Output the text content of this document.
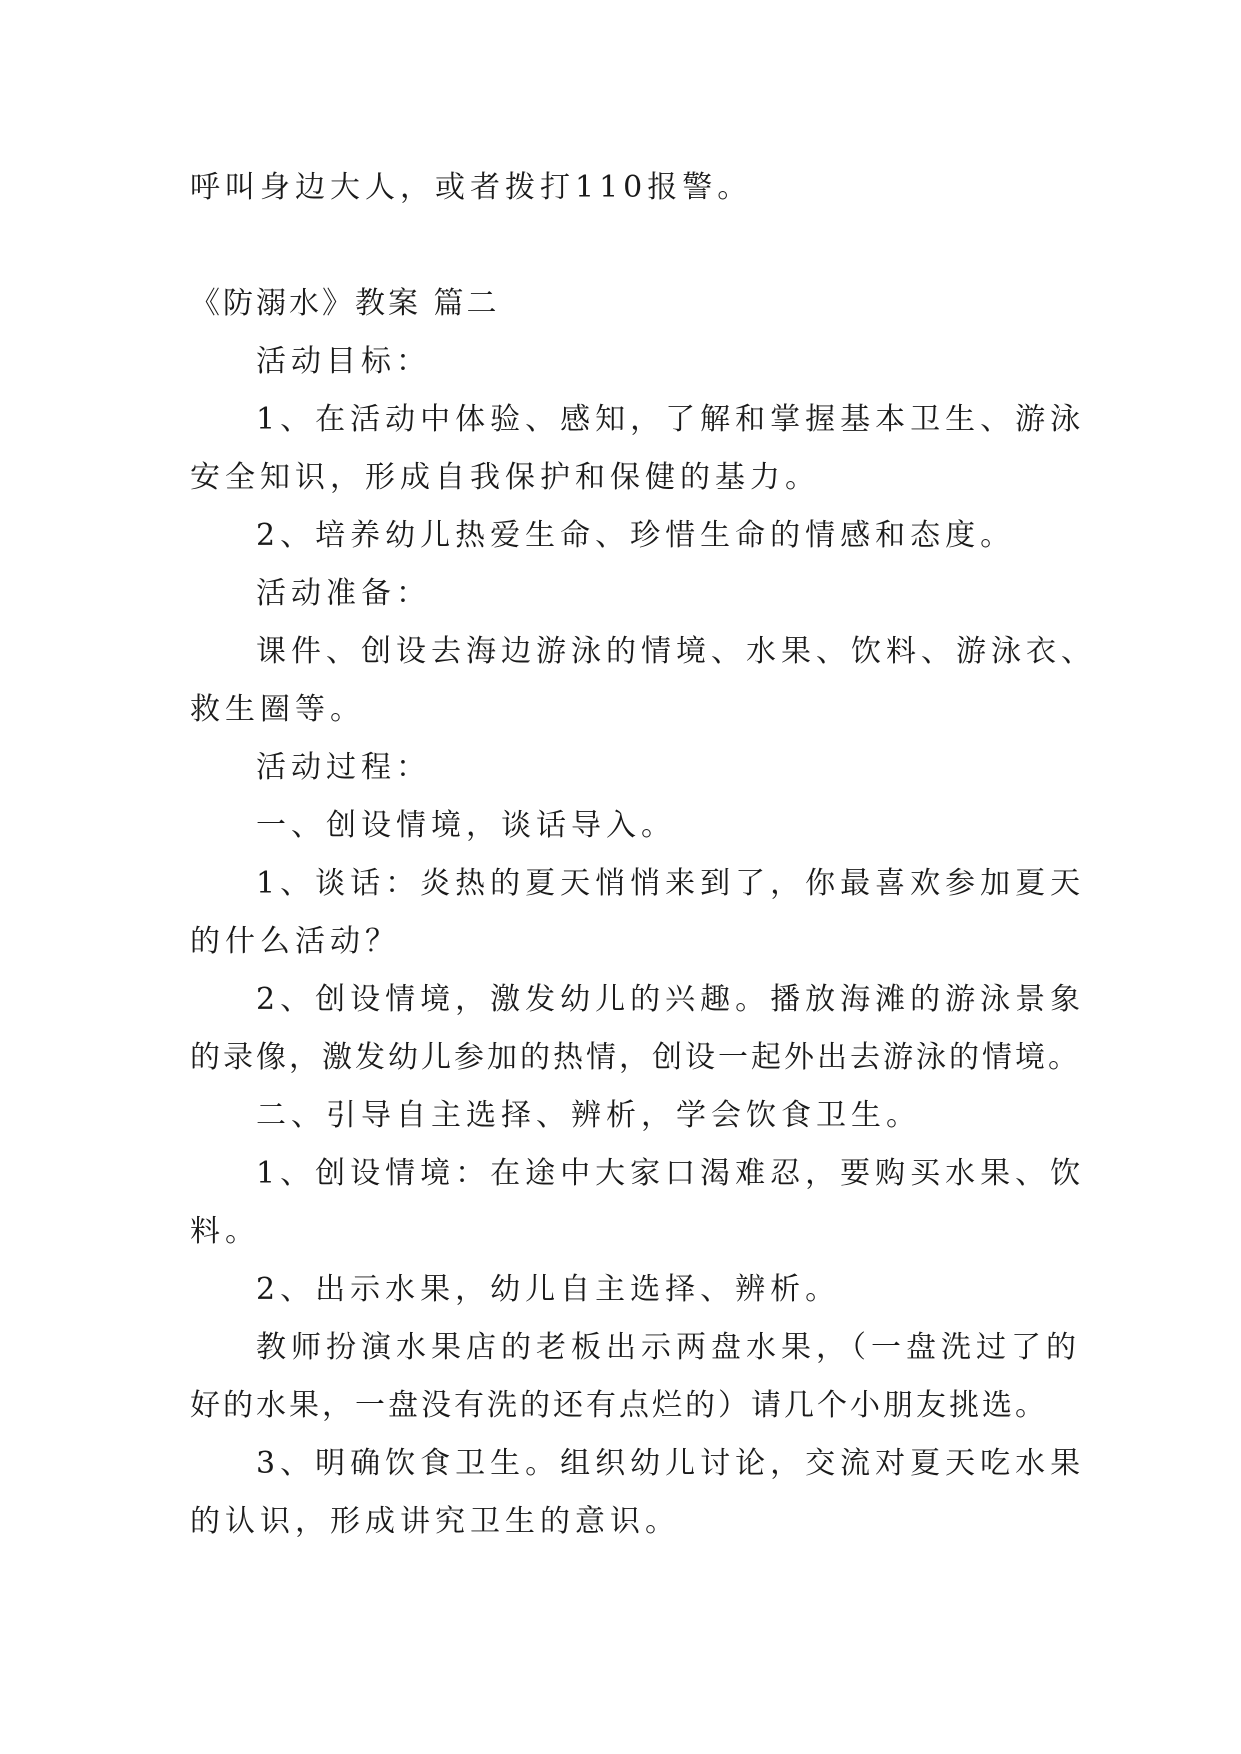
呼叫身边大人，或者拨打110报警。
《防溺水》教案 篇二
活动目标：
1、在活动中体验、感知，了解和掌握基本卫生、游泳
安全知识，形成自我保护和保健的基力。
2、培养幼儿热爱生命、珍惜生命的情感和态度。
活动准备：
课件、创设去海边游泳的情境、水果、饮料、游泳衣、
救生圈等。
活动过程：
一、创设情境，谈话导入。
1、谈话：炎热的夏天悄悄来到了，你最喜欢参加夏天
的什么活动？
2、创设情境，激发幼儿的兴趣。播放海滩的游泳景象
的录像，激发幼儿参加的热情，创设一起外出去游泳的情境。
二、引导自主选择、辨析，学会饮食卫生。
1、创设情境：在途中大家口渴难忍，要购买水果、饮
料。
2、出示水果，幼儿自主选择、辨析。
教师扮演水果店的老板出示两盘水果，（一盘洗过了的
好的水果，一盘没有洗的还有点烂的）请几个小朋友挑选。
3、明确饮食卫生。组织幼儿讨论，交流对夏天吃水果
的认识，形成讲究卫生的意识。
